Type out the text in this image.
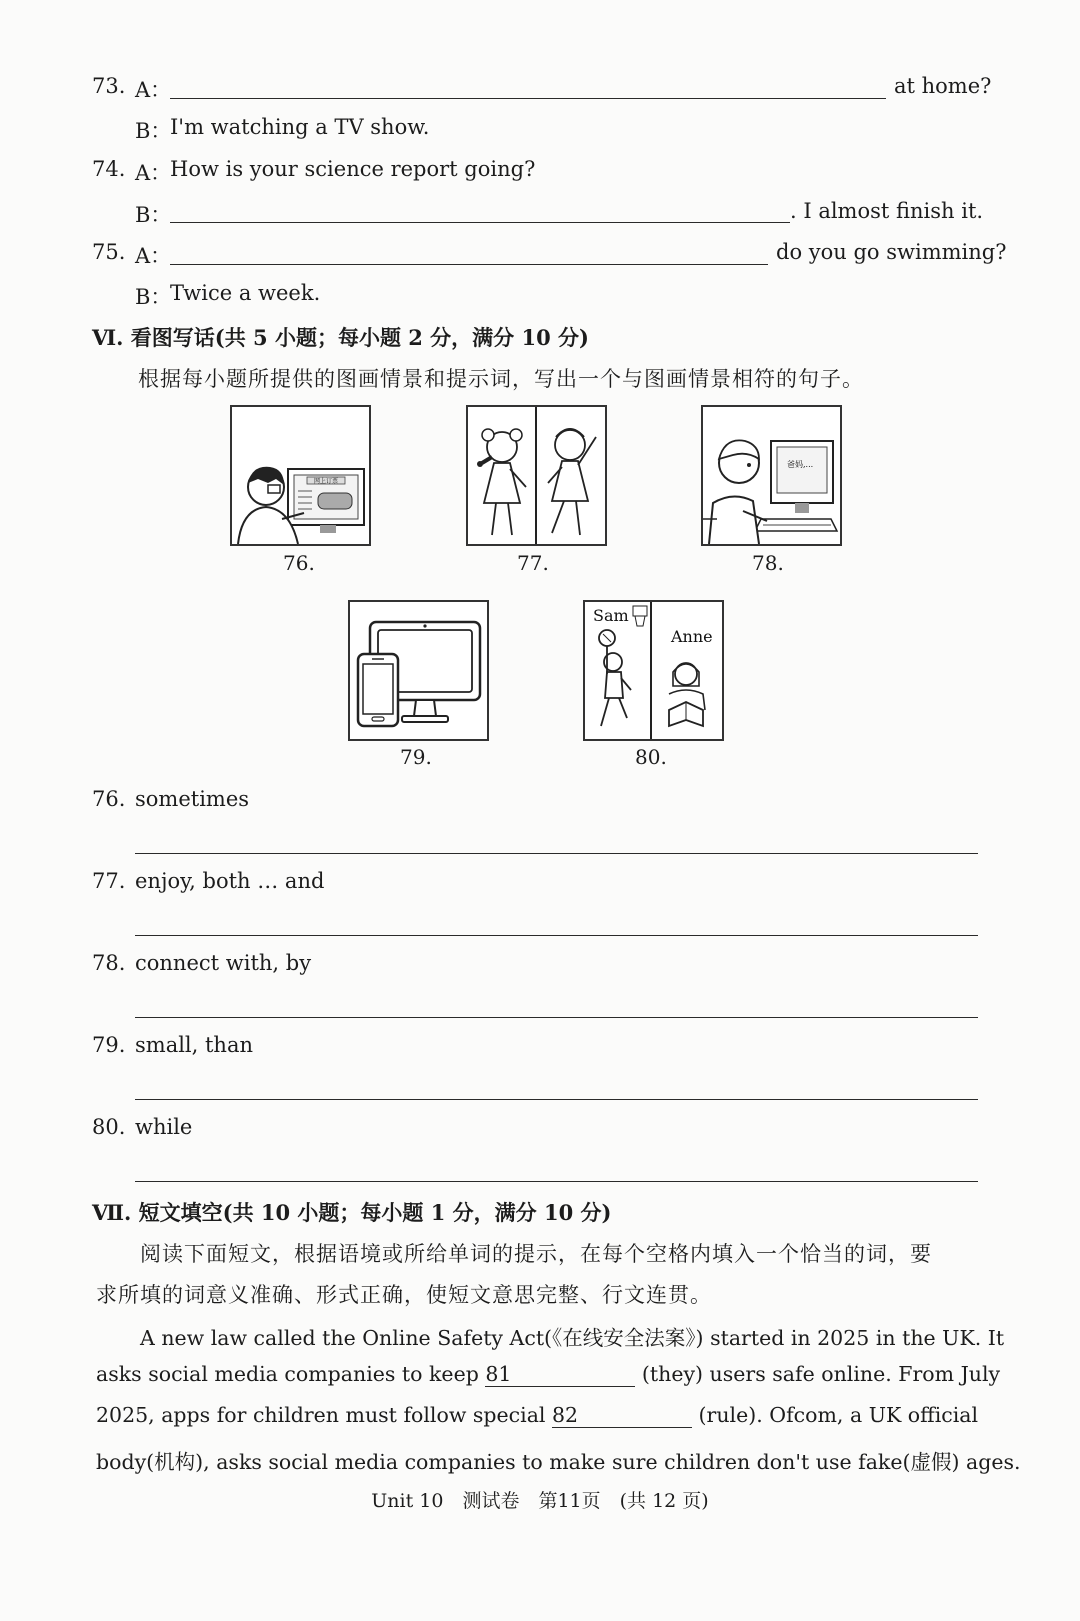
73. A：	at home?
B：
I'm watching a TV show.
74. A：
How is your science report going?
B：	. I almost finish it.
75. A：	do you go swimming?
B：
Twice a week.
Ⅵ. 看图写话(共 5 小题；每小题 2 分，满分 10 分)
根据每小题所提供的图画情景和提示词，写出一个与图画情景相符的句子。
网上订票
76.	77.
爸妈,...
78.
79.
Sam
Anne
80.
76. sometimes
77. enjoy, both … and
78. connect with, by
79. small, than
80. while
Ⅶ. 短文填空(共 10 小题；每小题 1 分，满分 10 分)
阅读下面短文，根据语境或所给单词的提示，在每个空格内填入一个恰当的词，要
求所填的词意义准确、形式正确，使短文意思完整、行文连贯。
A new law called the Online Safety Act(《在线安全法案》) started in 2025 in the UK. It
asks social media companies to keep 81	(they) users safe online. From July
2025, apps for children must follow special 82	(rule). Ofcom, a UK official
body(机构), asks social media companies to make sure children don't use fake(虚假) ages.
Unit 10　测试卷　第11页　(共 12 页)
